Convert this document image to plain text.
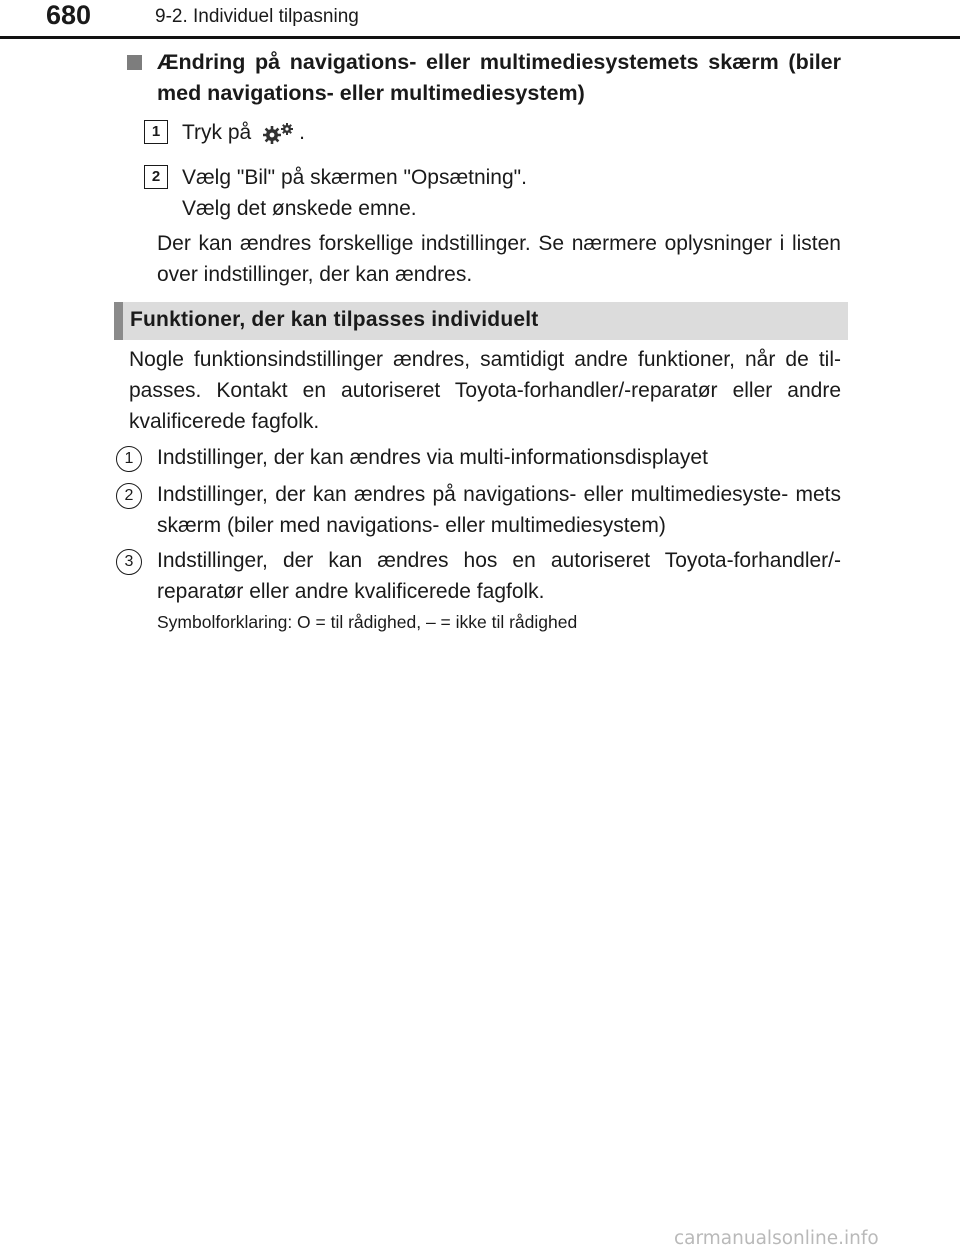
680	9-2. Individuel tilpasning
Ændring på navigations- eller multimediesystemets skærm (biler med navigations- eller multimediesystem)
1	Tryk på .
2	Vælg "Bil" på skærmen "Opsætning".
Vælg det ønskede emne.
Der kan ændres forskellige indstillinger. Se nærmere oplysninger i listen over indstillinger, der kan ændres.
Funktioner, der kan tilpasses individuelt
Nogle funktionsindstillinger ændres, samtidigt andre funktioner, når de til- passes. Kontakt en autoriseret Toyota-forhandler/-reparatør eller andre kvalificerede fagfolk.
1	Indstillinger, der kan ændres via multi-informationsdisplayet
2	Indstillinger, der kan ændres på navigations- eller multimediesyste- mets skærm (biler med navigations- eller multimediesystem)
3	Indstillinger, der kan ændres hos en autoriseret Toyota-forhandler/- reparatør eller andre kvalificerede fagfolk.
Symbolforklaring: O = til rådighed, – = ikke til rådighed
carmanualsonline.info
